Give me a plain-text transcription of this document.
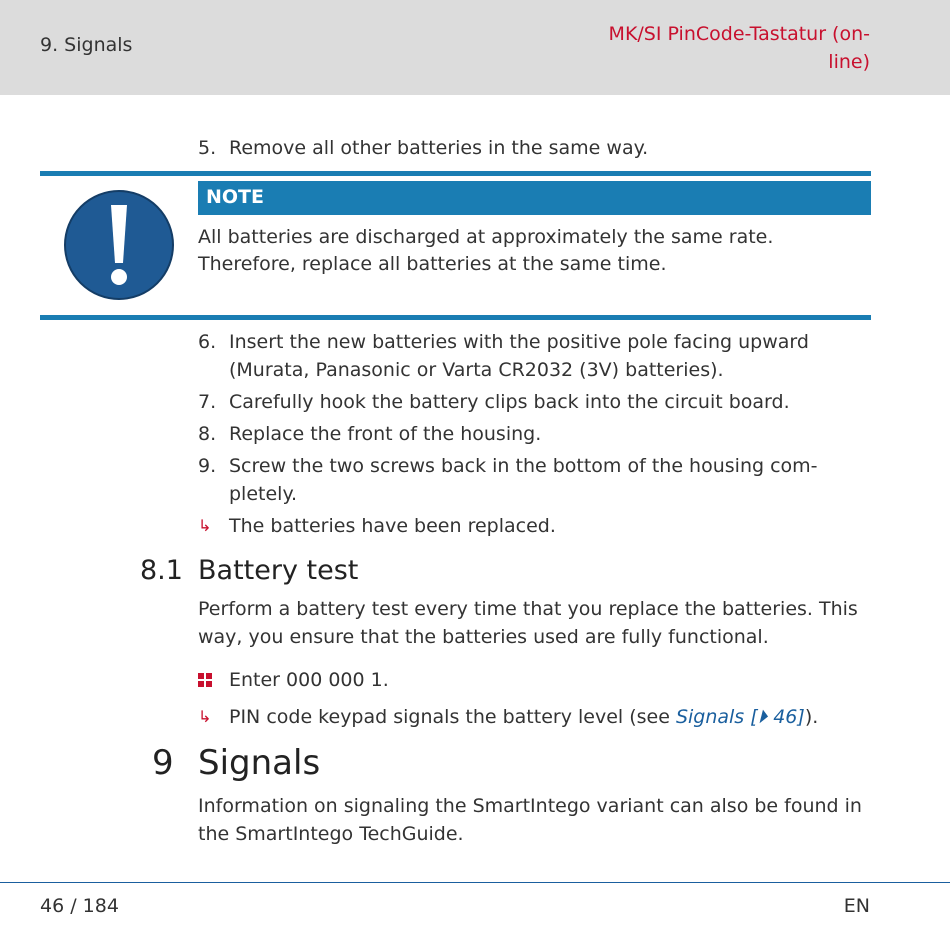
9. Signals	MK/SI PinCode-Tastatur (on-
line)
5. Remove all other batteries in the same way.
NOTE
All batteries are discharged at approximately the same rate. Therefore, replace all batteries at the same time.
6. Insert the new batteries with the positive pole facing upward (Murata, Panasonic or Varta CR2032 (3V) batteries).
7. Carefully hook the battery clips back into the circuit board.
8. Replace the front of the housing.
9. Screw the two screws back in the bottom of the housing com-pletely.
↳ The batteries have been replaced.
8.1 Battery test
Perform a battery test every time that you replace the batteries. This way, you ensure that the batteries used are fully functional.
Enter 000 000 1.
↳ PIN code keypad signals the battery level (see Signals [⏵ 46]).
9 Signals
Information on signaling the SmartIntego variant can also be found in the SmartIntego TechGuide.
46 / 184	EN
